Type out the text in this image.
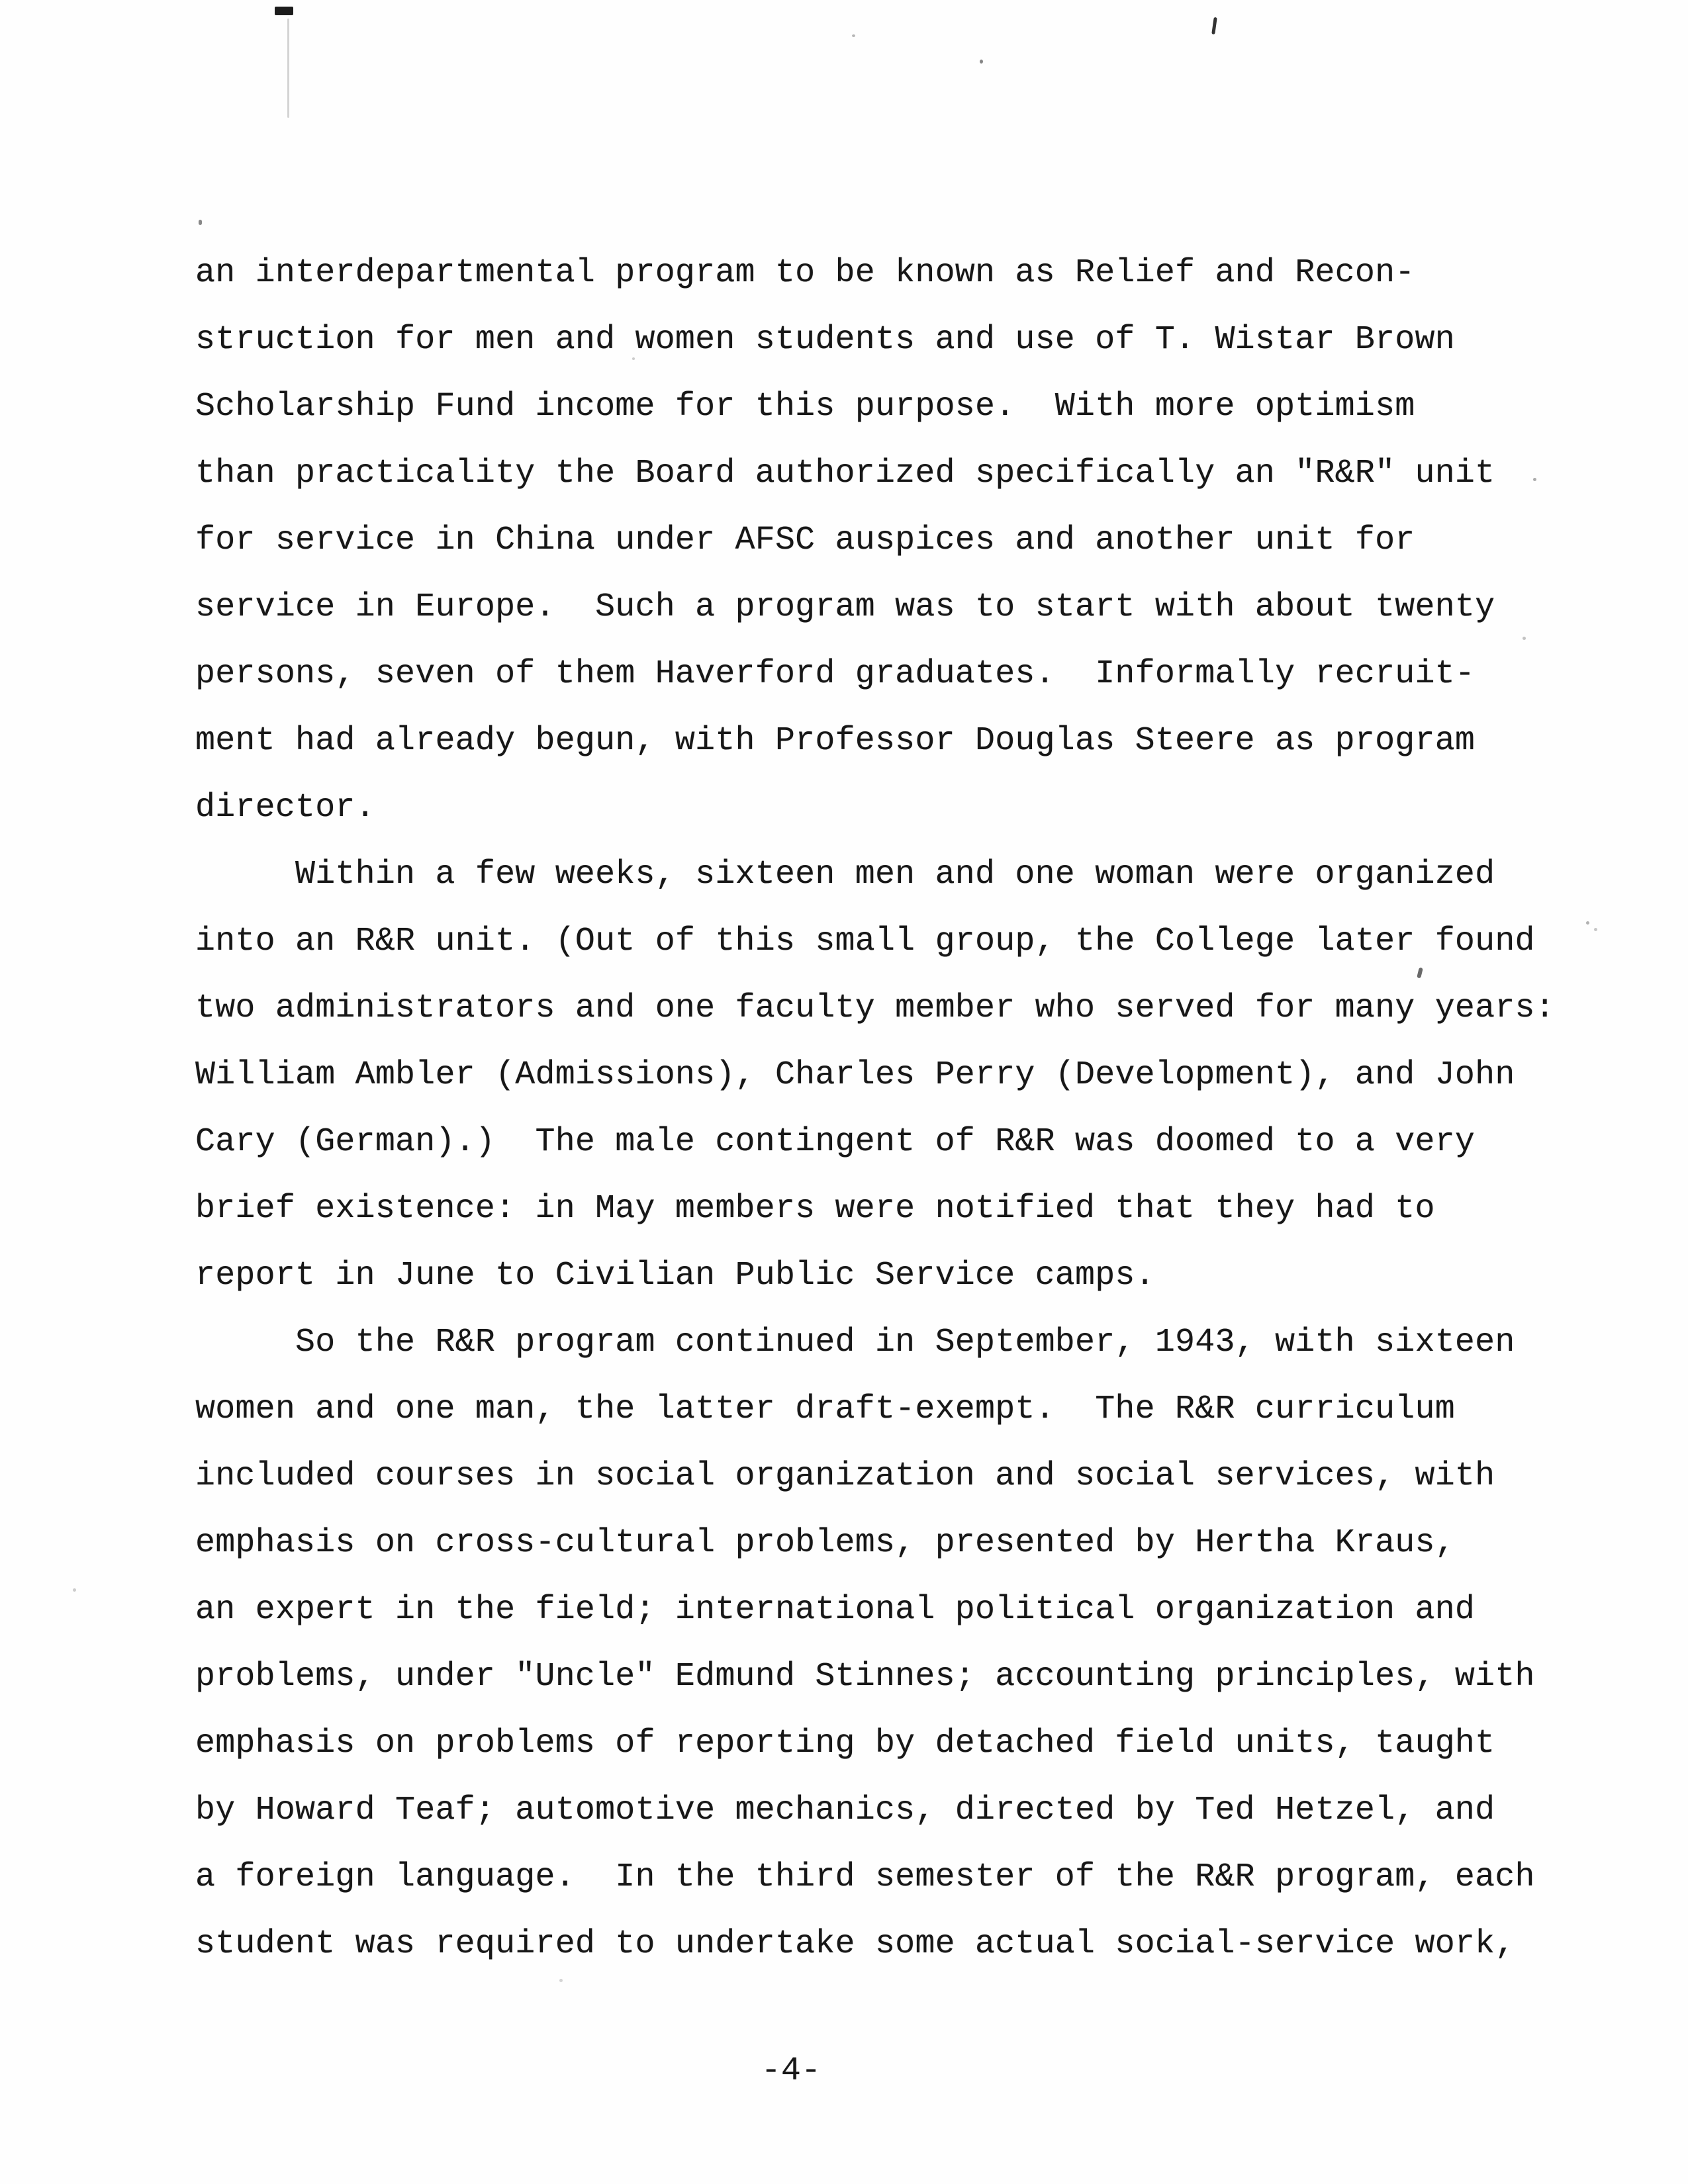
an interdepartmental program to be known as Relief and Recon-
struction for men and women students and use of T. Wistar Brown
Scholarship Fund income for this purpose.  With more optimism
than practicality the Board authorized specifically an "R&R" unit
for service in China under AFSC auspices and another unit for
service in Europe.  Such a program was to start with about twenty
persons, seven of them Haverford graduates.  Informally recruit-
ment had already begun, with Professor Douglas Steere as program
director.
Within a few weeks, sixteen men and one woman were organized
into an R&R unit. (Out of this small group, the College later found
two administrators and one faculty member who served for many years:
William Ambler (Admissions), Charles Perry (Development), and John
Cary (German).)  The male contingent of R&R was doomed to a very
brief existence: in May members were notified that they had to
report in June to Civilian Public Service camps.
So the R&R program continued in September, 1943, with sixteen
women and one man, the latter draft-exempt.  The R&R curriculum
included courses in social organization and social services, with
emphasis on cross-cultural problems, presented by Hertha Kraus,
an expert in the field; international political organization and
problems, under "Uncle" Edmund Stinnes; accounting principles, with
emphasis on problems of reporting by detached field units, taught
by Howard Teaf; automotive mechanics, directed by Ted Hetzel, and
a foreign language.  In the third semester of the R&R program, each
student was required to undertake some actual social-service work,
-4-
